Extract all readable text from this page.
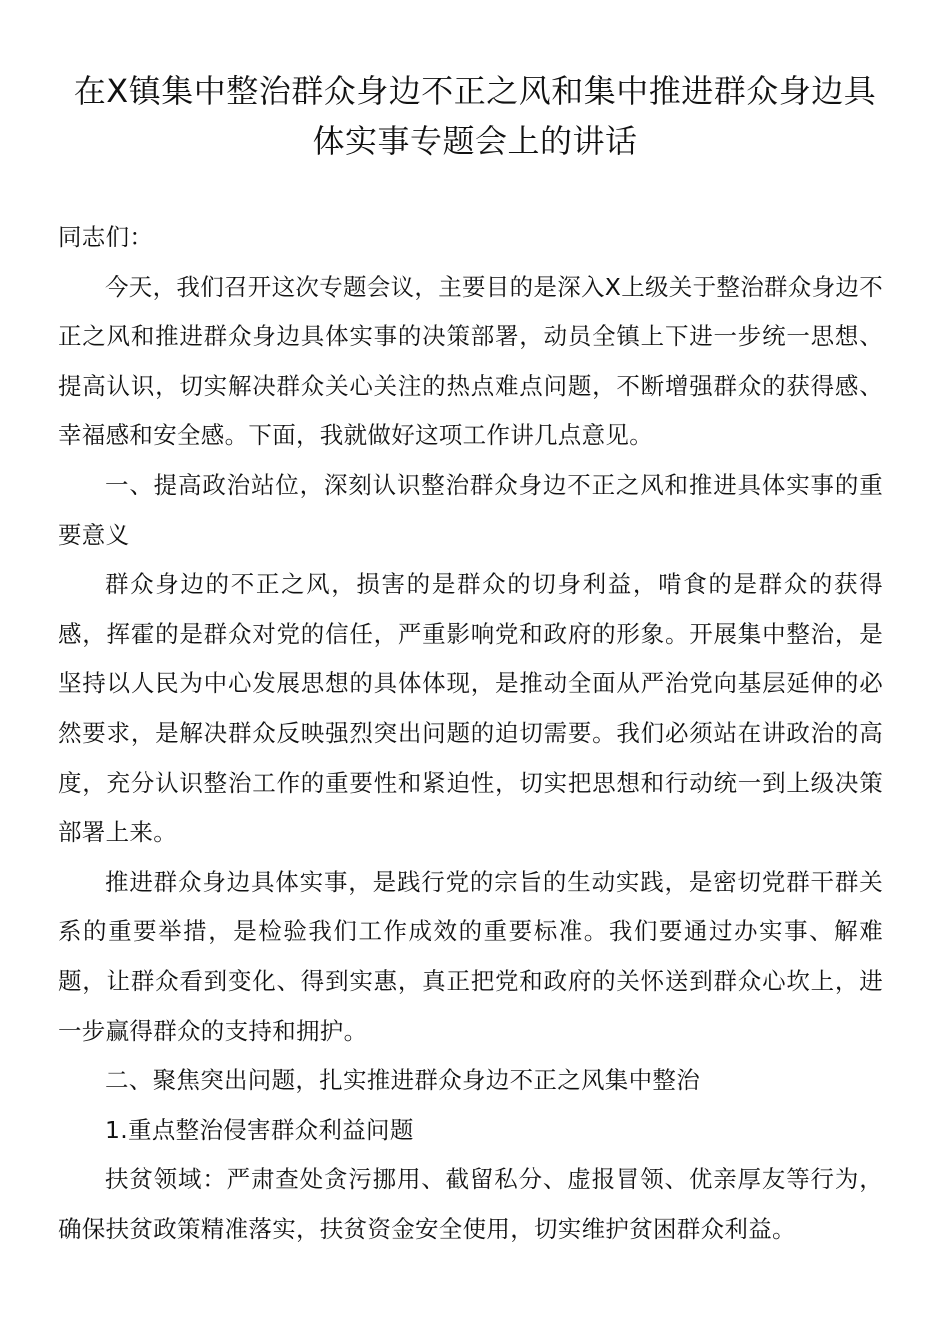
在X镇集中整治群众身边不正之风和集中推进群众身边具体实事专题会上的讲话

同志们：

今天，我们召开这次专题会议，主要目的是深入X上级关于整治群众身边不正之风和推进群众身边具体实事的决策部署，动员全镇上下进一步统一思想、提高认识，切实解决群众关心关注的热点难点问题，不断增强群众的获得感、幸福感和安全感。下面，我就做好这项工作讲几点意见。

一、提高政治站位，深刻认识整治群众身边不正之风和推进具体实事的重要意义

群众身边的不正之风，损害的是群众的切身利益，啃食的是群众的获得感，挥霍的是群众对党的信任，严重影响党和政府的形象。开展集中整治，是坚持以人民为中心发展思想的具体体现，是推动全面从严治党向基层延伸的必然要求，是解决群众反映强烈突出问题的迫切需要。我们必须站在讲政治的高度，充分认识整治工作的重要性和紧迫性，切实把思想和行动统一到上级决策部署上来。

推进群众身边具体实事，是践行党的宗旨的生动实践，是密切党群干群关系的重要举措，是检验我们工作成效的重要标准。我们要通过办实事、解难题，让群众看到变化、得到实惠，真正把党和政府的关怀送到群众心坎上，进一步赢得群众的支持和拥护。

二、聚焦突出问题，扎实推进群众身边不正之风集中整治

1.重点整治侵害群众利益问题

扶贫领域：严肃查处贪污挪用、截留私分、虚报冒领、优亲厚友等行为，确保扶贫政策精准落实，扶贫资金安全使用，切实维护贫困群众利益。
